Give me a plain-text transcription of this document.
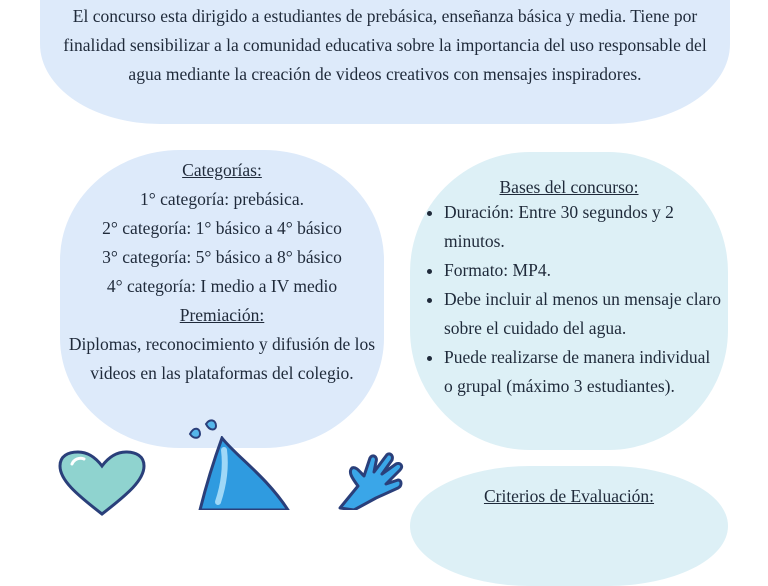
El concurso esta dirigido a estudiantes de prebásica, enseñanza básica y media. Tiene por finalidad sensibilizar a la comunidad educativa sobre la importancia del uso responsable del agua mediante la creación de videos creativos con mensajes inspiradores.
Categorías:
1° categoría: prebásica.
2° categoría: 1° básico a 4° básico
3° categoría: 5° básico a 8° básico
4° categoría: I medio a IV medio
Premiación:
Diplomas, reconocimiento y difusión de los videos en las plataformas del colegio.
Bases del concurso:
• Duración: Entre 30 segundos y 2 minutos.
• Formato: MP4.
• Debe incluir al menos un mensaje claro sobre el cuidado del agua.
• Puede realizarse de manera individual o grupal (máximo 3 estudiantes).
Criterios de Evaluación:
